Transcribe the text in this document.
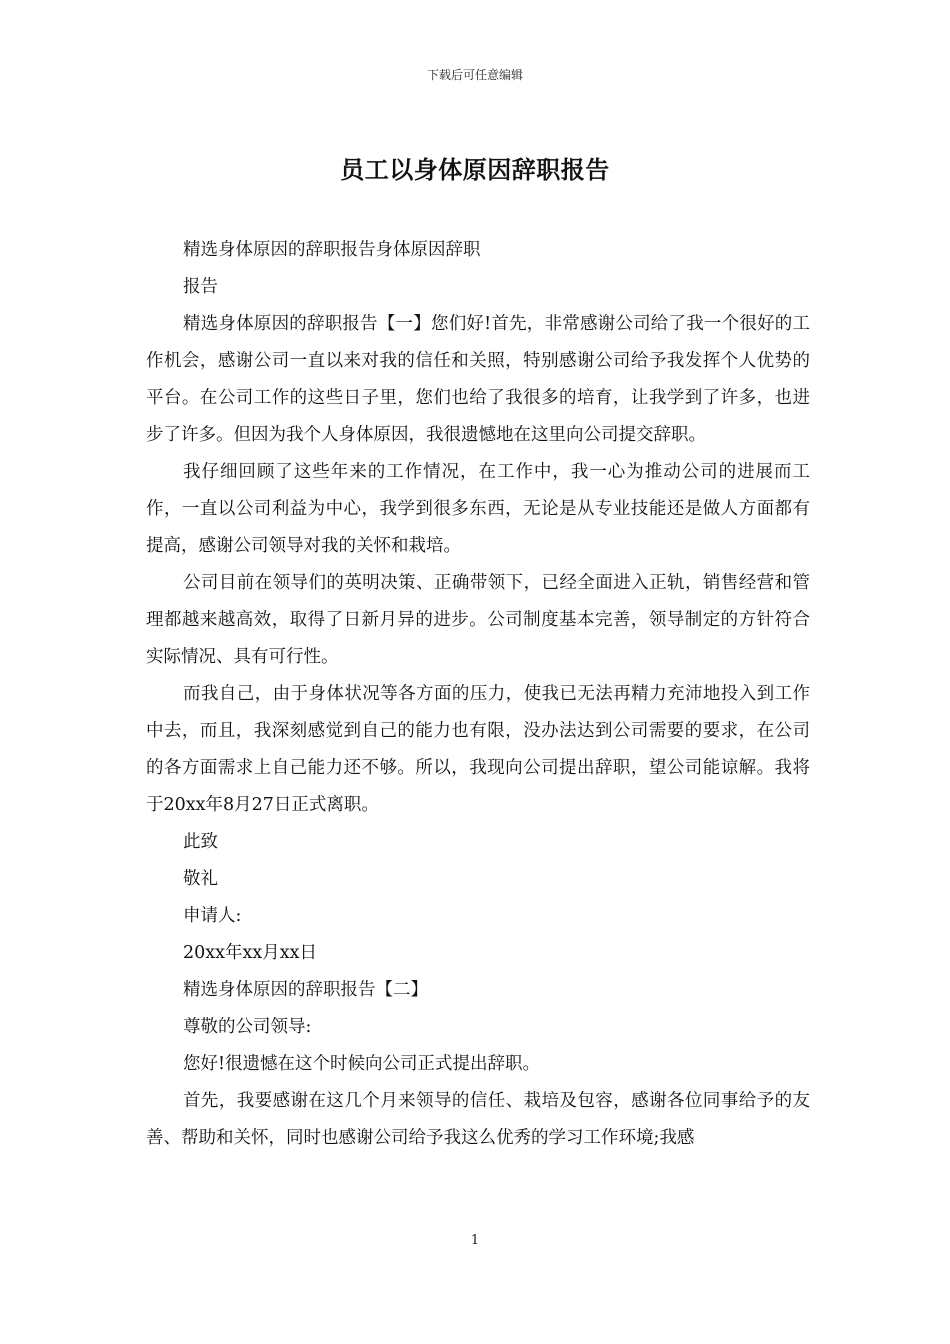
下载后可任意编辑
员工以身体原因辞职报告

精选身体原因的辞职报告身体原因辞职

报告

精选身体原因的辞职报告【一】您们好!首先，非常感谢公司给了我一个很好的工作机会，感谢公司一直以来对我的信任和关照，特别感谢公司给予我发挥个人优势的平台。在公司工作的这些日子里，您们也给了我很多的培育，让我学到了许多，也进步了许多。但因为我个人身体原因，我很遗憾地在这里向公司提交辞职。

我仔细回顾了这些年来的工作情况，在工作中，我一心为推动公司的进展而工作，一直以公司利益为中心，我学到很多东西，无论是从专业技能还是做人方面都有提高，感谢公司领导对我的关怀和栽培。

公司目前在领导们的英明决策、正确带领下，已经全面进入正轨，销售经营和管理都越来越高效，取得了日新月异的进步。公司制度基本完善，领导制定的方针符合实际情况、具有可行性。

而我自己，由于身体状况等各方面的压力，使我已无法再精力充沛地投入到工作中去，而且，我深刻感觉到自己的能力也有限，没办法达到公司需要的要求，在公司的各方面需求上自己能力还不够。所以，我现向公司提出辞职，望公司能谅解。我将于20xx年8月27日正式离职。

此致

敬礼

申请人:

20xx年xx月xx日

精选身体原因的辞职报告【二】

尊敬的公司领导:

您好!很遗憾在这个时候向公司正式提出辞职。

首先，我要感谢在这几个月来领导的信任、栽培及包容，感谢各位同事给予的友善、帮助和关怀，同时也感谢公司给予我这么优秀的学习工作环境;我感

1
